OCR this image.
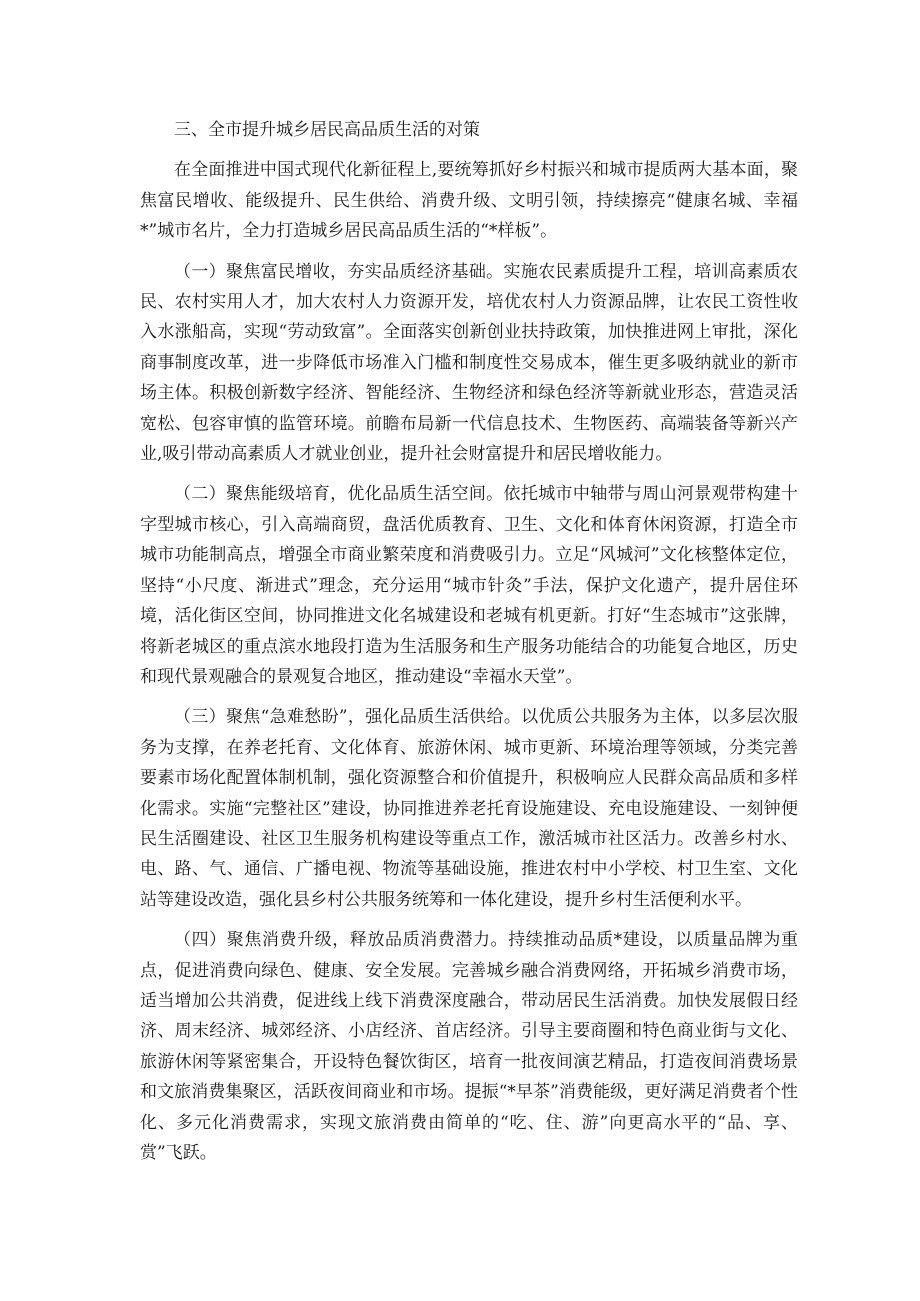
三、全市提升城乡居民高品质生活的对策

在全面推进中国式现代化新征程上,要统筹抓好乡村振兴和城市提质两大基本面，聚焦富民增收、能级提升、民生供给、消费升级、文明引领，持续擦亮“健康名城、幸福*”城市名片，全力打造城乡居民高品质生活的“*样板”。

（一）聚焦富民增收，夯实品质经济基础。实施农民素质提升工程，培训高素质农民、农村实用人才，加大农村人力资源开发，培优农村人力资源品牌，让农民工资性收入水涨船高，实现“劳动致富”。全面落实创新创业扶持政策，加快推进网上审批，深化商事制度改革，进一步降低市场准入门槛和制度性交易成本，催生更多吸纳就业的新市场主体。积极创新数字经济、智能经济、生物经济和绿色经济等新就业形态，营造灵活宽松、包容审慎的监管环境。前瞻布局新一代信息技术、生物医药、高端装备等新兴产业,吸引带动高素质人才就业创业，提升社会财富提升和居民增收能力。

（二）聚焦能级培育，优化品质生活空间。依托城市中轴带与周山河景观带构建十字型城市核心，引入高端商贸，盘活优质教育、卫生、文化和体育休闲资源，打造全市城市功能制高点，增强全市商业繁荣度和消费吸引力。立足“风城河”文化核整体定位，坚持“小尺度、渐进式”理念，充分运用“城市针灸”手法，保护文化遗产，提升居住环境，活化街区空间，协同推进文化名城建设和老城有机更新。打好“生态城市”这张牌，将新老城区的重点滨水地段打造为生活服务和生产服务功能结合的功能复合地区，历史和现代景观融合的景观复合地区，推动建设“幸福水天堂”。

（三）聚焦“急难愁盼”，强化品质生活供给。以优质公共服务为主体，以多层次服务为支撑，在养老托育、文化体育、旅游休闲、城市更新、环境治理等领域，分类完善要素市场化配置体制机制，强化资源整合和价值提升，积极响应人民群众高品质和多样化需求。实施“完整社区”建设，协同推进养老托育设施建设、充电设施建设、一刻钟便民生活圈建设、社区卫生服务机构建设等重点工作，激活城市社区活力。改善乡村水、电、路、气、通信、广播电视、物流等基础设施，推进农村中小学校、村卫生室、文化站等建设改造，强化县乡村公共服务统筹和一体化建设，提升乡村生活便利水平。

（四）聚焦消费升级，释放品质消费潜力。持续推动品质*建设，以质量品牌为重点，促进消费向绿色、健康、安全发展。完善城乡融合消费网络，开拓城乡消费市场，适当增加公共消费，促进线上线下消费深度融合，带动居民生活消费。加快发展假日经济、周末经济、城郊经济、小店经济、首店经济。引导主要商圈和特色商业街与文化、旅游休闲等紧密集合，开设特色餐饮街区，培育一批夜间演艺精品，打造夜间消费场景和文旅消费集聚区，活跃夜间商业和市场。提振“*早茶”消费能级，更好满足消费者个性化、多元化消费需求，实现文旅消费由简单的“吃、住、游”向更高水平的“品、享、赏”飞跃。
